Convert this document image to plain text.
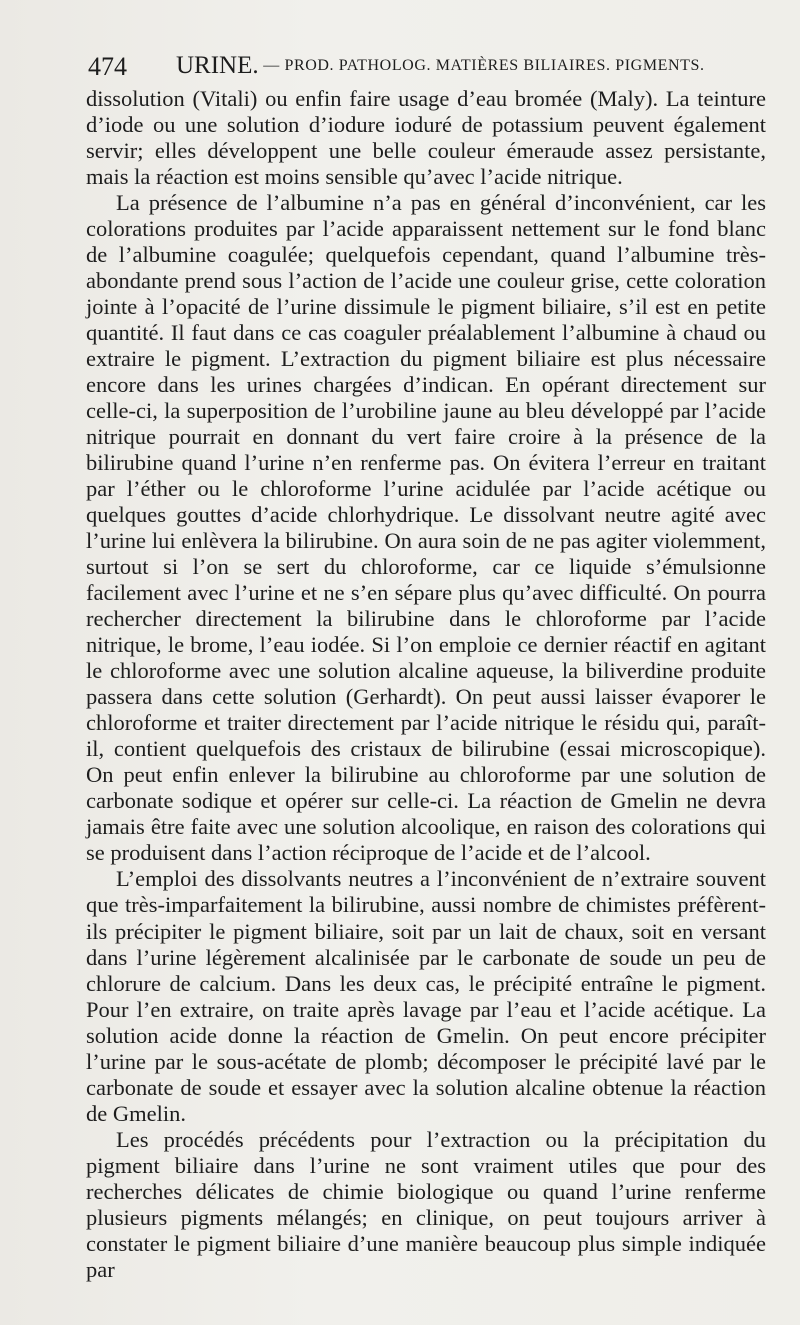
474 URINE. — PROD. PATHOLOG. MATIÈRES BILIAIRES. PIGMENTS.

dissolution (Vitali) ou enfin faire usage d’eau bromée (Maly). La teinture d’iode ou une solution d’iodure ioduré de potassium peuvent également servir; elles développent une belle couleur émeraude assez persistante, mais la réaction est moins sensible qu’avec l’acide nitrique.

La présence de l’albumine n’a pas en général d’inconvénient, car les colorations produites par l’acide apparaissent nettement sur le fond blanc de l’albumine coagulée; quelquefois cependant, quand l’albumine très-abondante prend sous l’action de l’acide une couleur grise, cette coloration jointe à l’opacité de l’urine dissimule le pigment biliaire, s’il est en petite quantité. Il faut dans ce cas coaguler préalablement l’albumine à chaud ou extraire le pigment. L’extraction du pigment biliaire est plus nécessaire encore dans les urines chargées d’indican. En opérant directement sur celle-ci, la superposition de l’urobiline jaune au bleu développé par l’acide nitrique pourrait en donnant du vert faire croire à la présence de la bilirubine quand l’urine n’en renferme pas. On évitera l’erreur en traitant par l’éther ou le chloroforme l’urine acidulée par l’acide acétique ou quelques gouttes d’acide chlorhydrique. Le dissolvant neutre agité avec l’urine lui enlèvera la bilirubine. On aura soin de ne pas agiter violemment, surtout si l’on se sert du chloroforme, car ce liquide s’émulsionne facilement avec l’urine et ne s’en sépare plus qu’avec difficulté. On pourra rechercher directement la bilirubine dans le chloroforme par l’acide nitrique, le brome, l’eau iodée. Si l’on emploie ce dernier réactif en agitant le chloroforme avec une solution alcaline aqueuse, la biliverdine produite passera dans cette solution (Gerhardt). On peut aussi laisser évaporer le chloroforme et traiter directement par l’acide nitrique le résidu qui, paraît-il, contient quelquefois des cristaux de bilirubine (essai microscopique). On peut enfin enlever la bilirubine au chloroforme par une solution de carbonate sodique et opérer sur celle-ci. La réaction de Gmelin ne devra jamais être faite avec une solution alcoolique, en raison des colorations qui se produisent dans l’action réciproque de l’acide et de l’alcool.

L’emploi des dissolvants neutres a l’inconvénient de n’extraire souvent que très-imparfaitement la bilirubine, aussi nombre de chimistes préfèrent-ils précipiter le pigment biliaire, soit par un lait de chaux, soit en versant dans l’urine légèrement alcalinisée par le carbonate de soude un peu de chlorure de calcium. Dans les deux cas, le précipité entraîne le pigment. Pour l’en extraire, on traite après lavage par l’eau et l’acide acétique. La solution acide donne la réaction de Gmelin. On peut encore précipiter l’urine par le sous-acétate de plomb; décomposer le précipité lavé par le carbonate de soude et essayer avec la solution alcaline obtenue la réaction de Gmelin.

Les procédés précédents pour l’extraction ou la précipitation du pigment biliaire dans l’urine ne sont vraiment utiles que pour des recherches délicates de chimie biologique ou quand l’urine renferme plusieurs pigments mélangés; en clinique, on peut toujours arriver à constater le pigment biliaire d’une manière beaucoup plus simple indiquée par
